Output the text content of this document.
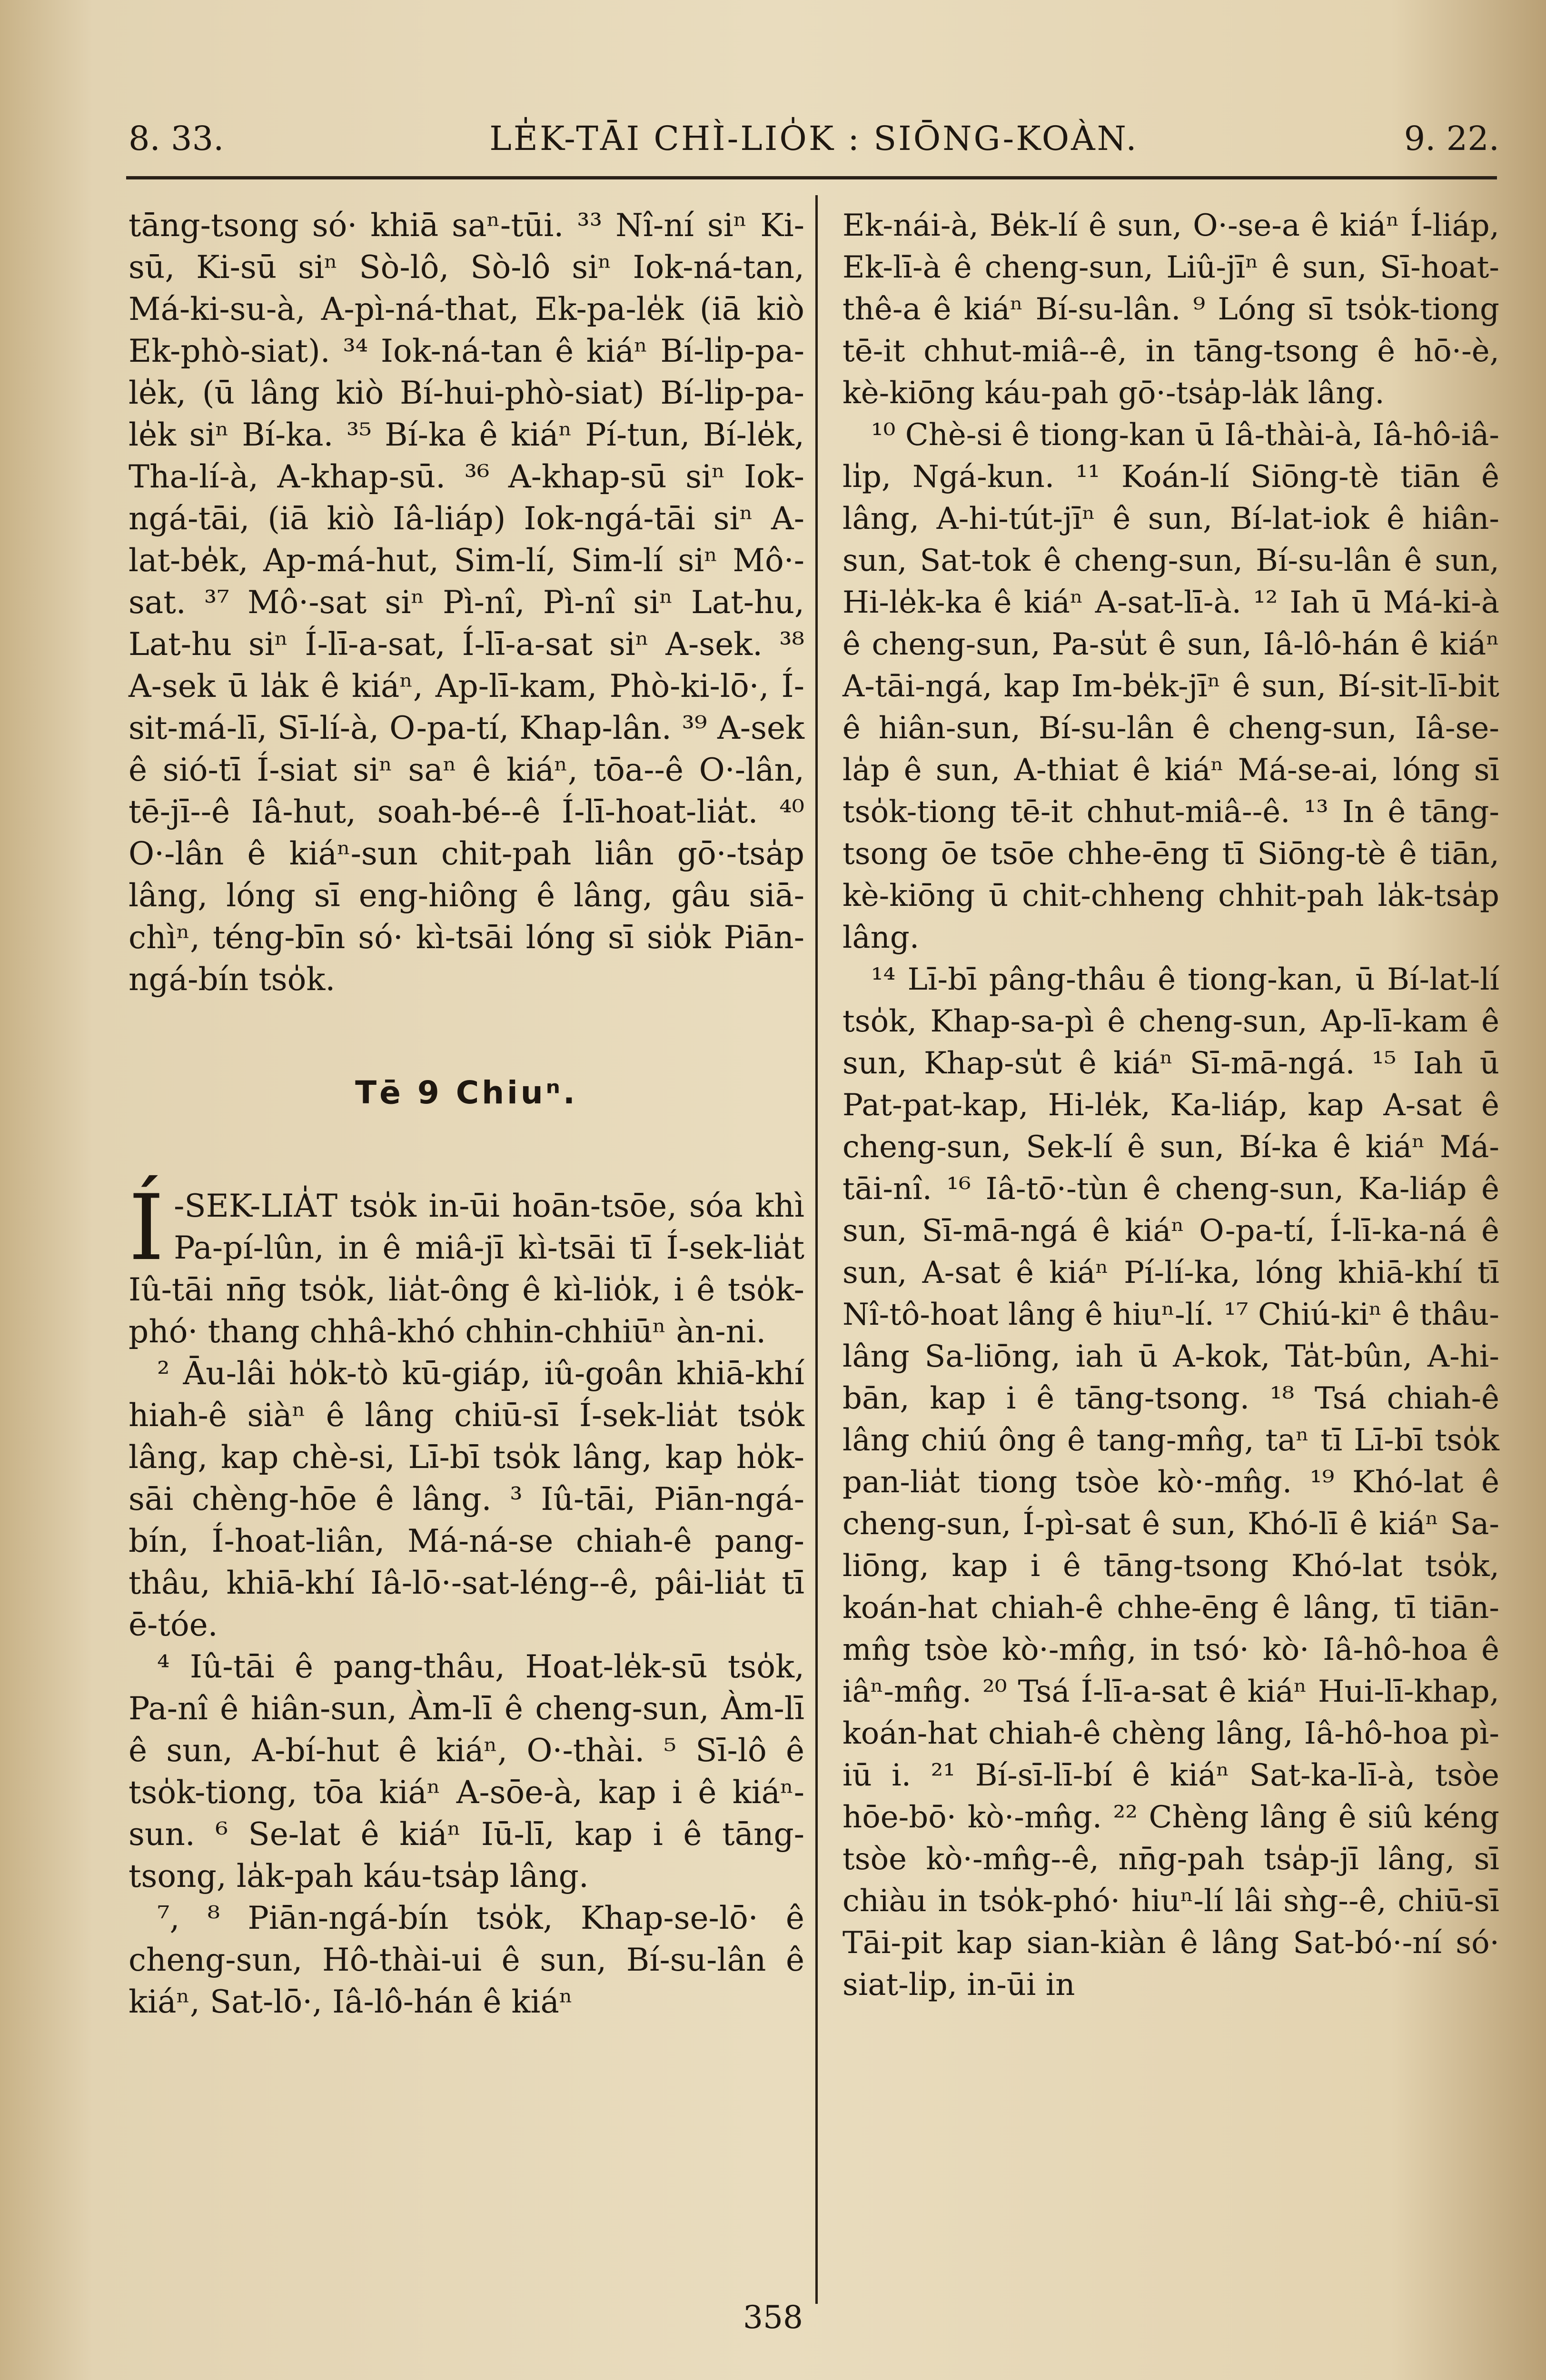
8. 33.	LE̍K-TĀI CHÌ-LIO̍K : SIŌNG-KOÀN.	9. 22.

tāng-tsong só· khiā saⁿ-tūi. ³³ Nî-ní siⁿ Ki-sū, Ki-sū siⁿ Sò-lô, Sò-lô siⁿ Iok-ná-tan, Má-ki-su-à, A-pì-ná-that, Ek-pa-le̍k (iā kiò Ek-phò-siat). ³⁴ Iok-ná-tan ê kiáⁿ Bí-li̍p-pa-le̍k, (ū lâng kiò Bí-hui-phò-siat) Bí-li̍p-pa-le̍k siⁿ Bí-ka. ³⁵ Bí-ka ê kiáⁿ Pí-tun, Bí-le̍k, Tha-lí-à, A-khap-sū. ³⁶ A-khap-sū siⁿ Iok-ngá-tāi, (iā kiò Iâ-liáp) Iok-ngá-tāi siⁿ A-lat-be̍k, Ap-má-hut, Sim-lí, Sim-lí siⁿ Mô·-sat. ³⁷ Mô·-sat siⁿ Pì-nî, Pì-nî siⁿ Lat-hu, Lat-hu siⁿ Í-lī-a-sat, Í-lī-a-sat siⁿ A-sek. ³⁸ A-sek ū la̍k ê kiáⁿ, Ap-lī-kam, Phò-ki-lō·, Í-sit-má-lī, Sī-lí-à, O-pa-tí, Khap-lân. ³⁹ A-sek ê sió-tī Í-siat siⁿ saⁿ ê kiáⁿ, tōa--ê O·-lân, tē-jī--ê Iâ-hut, soah-bé--ê Í-lī-hoat-lia̍t. ⁴⁰ O·-lân ê kiáⁿ-sun chit-pah liân gō·-tsa̍p lâng, lóng sī eng-hiông ê lâng, gâu siā-chìⁿ, téng-bīn só· kì-tsāi lóng sī sio̍k Piān-ngá-bín tso̍k.

Tē 9 Chiuⁿ.

Í -SEK-LIA̍T tso̍k in-ūi hoān-tsōe, sóa khì Pa-pí-lûn, in ê miâ-jī kì-tsāi tī Í-sek-lia̍t Iû-tāi nn̄g tso̍k, lia̍t-ông ê kì-lio̍k, i ê tso̍k-phó· thang chhâ-khó chhin-chhiūⁿ àn-ni.

² Āu-lâi ho̍k-tò kū-giáp, iû-goân khiā-khí hiah-ê siàⁿ ê lâng chiū-sī Í-sek-lia̍t tso̍k lâng, kap chè-si, Lī-bī tso̍k lâng, kap ho̍k-sāi chèng-hōe ê lâng. ³ Iû-tāi, Piān-ngá-bín, Í-hoat-liân, Má-ná-se chiah-ê pang-thâu, khiā-khí Iâ-lō·-sat-léng--ê, pâi-lia̍t tī ē-tóe.

⁴ Iû-tāi ê pang-thâu, Hoat-le̍k-sū tso̍k, Pa-nî ê hiân-sun, Àm-lī ê cheng-sun, Àm-lī ê sun, A-bí-hut ê kiáⁿ, O·-thài. ⁵ Sī-lô ê tso̍k-tiong, tōa kiáⁿ A-sōe-à, kap i ê kiáⁿ-sun. ⁶ Se-lat ê kiáⁿ Iū-lī, kap i ê tāng-tsong, la̍k-pah káu-tsa̍p lâng.

⁷, ⁸ Piān-ngá-bín tso̍k, Khap-se-lō· ê cheng-sun, Hô-thài-ui ê sun, Bí-su-lân ê kiáⁿ, Sat-lō·, Iâ-lô-hán ê kiáⁿ

Ek-nái-à, Be̍k-lí ê sun, O·-se-a ê kiáⁿ Í-liáp, Ek-lī-à ê cheng-sun, Liû-jīⁿ ê sun, Sī-hoat-thê-a ê kiáⁿ Bí-su-lân. ⁹ Lóng sī tso̍k-tiong tē-it chhut-miâ--ê, in tāng-tsong ê hō·-è, kè-kiōng káu-pah gō·-tsa̍p-la̍k lâng.

¹⁰ Chè-si ê tiong-kan ū Iâ-thài-à, Iâ-hô-iâ-li̍p, Ngá-kun. ¹¹ Koán-lí Siōng-tè tiān ê lâng, A-hi-tút-jīⁿ ê sun, Bí-lat-iok ê hiân-sun, Sat-tok ê cheng-sun, Bí-su-lân ê sun, Hi-le̍k-ka ê kiáⁿ A-sat-lī-à. ¹² Iah ū Má-ki-à ê cheng-sun, Pa-su̍t ê sun, Iâ-lô-hán ê kiáⁿ A-tāi-ngá, kap Im-be̍k-jīⁿ ê sun, Bí-sit-lī-bit ê hiân-sun, Bí-su-lân ê cheng-sun, Iâ-se-la̍p ê sun, A-thiat ê kiáⁿ Má-se-ai, lóng sī tso̍k-tiong tē-it chhut-miâ--ê. ¹³ In ê tāng-tsong ōe tsōe chhe-ēng tī Siōng-tè ê tiān, kè-kiōng ū chit-chheng chhit-pah la̍k-tsa̍p lâng.

¹⁴ Lī-bī pâng-thâu ê tiong-kan, ū Bí-lat-lí tso̍k, Khap-sa-pì ê cheng-sun, Ap-lī-kam ê sun, Khap-su̍t ê kiáⁿ Sī-mā-ngá. ¹⁵ Iah ū Pat-pat-kap, Hi-le̍k, Ka-liáp, kap A-sat ê cheng-sun, Sek-lí ê sun, Bí-ka ê kiáⁿ Má-tāi-nî. ¹⁶ Iâ-tō·-tùn ê cheng-sun, Ka-liáp ê sun, Sī-mā-ngá ê kiáⁿ O-pa-tí, Í-lī-ka-ná ê sun, A-sat ê kiáⁿ Pí-lí-ka, lóng khiā-khí tī Nî-tô-hoat lâng ê hiuⁿ-lí. ¹⁷ Chiú-kiⁿ ê thâu-lâng Sa-liōng, iah ū A-kok, Ta̍t-bûn, A-hi-bān, kap i ê tāng-tsong. ¹⁸ Tsá chiah-ê lâng chiú ông ê tang-mn̂g, taⁿ tī Lī-bī tso̍k pan-lia̍t tiong tsòe kò·-mn̂g. ¹⁹ Khó-lat ê cheng-sun, Í-pì-sat ê sun, Khó-lī ê kiáⁿ Sa-liōng, kap i ê tāng-tsong Khó-lat tso̍k, koán-hat chiah-ê chhe-ēng ê lâng, tī tiān-mn̂g tsòe kò·-mn̂g, in tsó· kò· Iâ-hô-hoa ê iâⁿ-mn̂g. ²⁰ Tsá Í-lī-a-sat ê kiáⁿ Hui-lī-khap, koán-hat chiah-ê chèng lâng, Iâ-hô-hoa pì-iū i. ²¹ Bí-sī-lī-bí ê kiáⁿ Sat-ka-lī-à, tsòe hōe-bō· kò·-mn̂g. ²² Chèng lâng ê siû kéng tsòe kò·-mn̂g--ê, nn̄g-pah tsa̍p-jī lâng, sī chiàu in tso̍k-phó· hiuⁿ-lí lâi sǹg--ê, chiū-sī Tāi-pit kap sian-kiàn ê lâng Sat-bó·-ní só· siat-li̍p, in-ūi in

358
